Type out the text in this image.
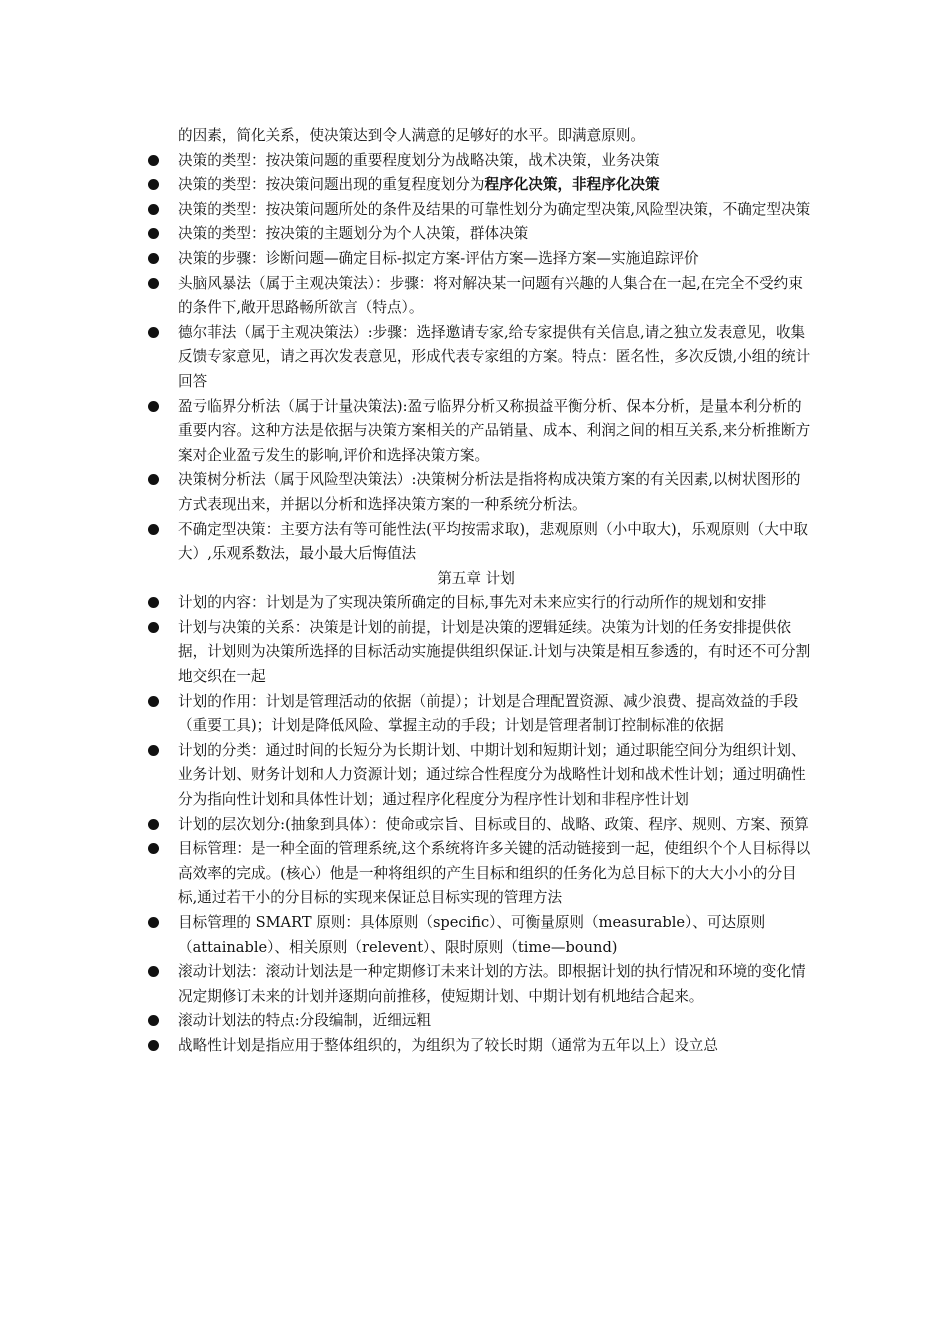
的因素，简化关系，使决策达到令人满意的足够好的水平。即满意原则。
决策的类型：按决策问题的重要程度划分为战略决策，战术决策，业务决策
决策的类型：按决策问题出现的重复程度划分为程序化决策，非程序化决策
决策的类型：按决策问题所处的条件及结果的可靠性划分为确定型决策,风险型决策，不确定型决策
决策的类型：按决策的主题划分为个人决策，群体决策
决策的步骤：诊断问题—确定目标-拟定方案-评估方案—选择方案—实施追踪评价
头脑风暴法（属于主观决策法）：步骤：将对解决某一问题有兴趣的人集合在一起,在完全不受约束的条件下,敞开思路畅所欲言（特点）。
德尔菲法（属于主观决策法）:步骤：选择邀请专家,给专家提供有关信息,请之独立发表意见，收集反馈专家意见，请之再次发表意见，形成代表专家组的方案。特点：匿名性，多次反馈,小组的统计回答
盈亏临界分析法（属于计量决策法):盈亏临界分析又称损益平衡分析、保本分析，是量本利分析的重要内容。这种方法是依据与决策方案相关的产品销量、成本、利润之间的相互关系,来分析推断方案对企业盈亏发生的影响,评价和选择决策方案。
决策树分析法（属于风险型决策法）:决策树分析法是指将构成决策方案的有关因素,以树状图形的方式表现出来，并据以分析和选择决策方案的一种系统分析法。
不确定型决策：主要方法有等可能性法(平均按需求取)，悲观原则（小中取大)，乐观原则（大中取大）,乐观系数法，最小最大后悔值法
第五章 计划
计划的内容：计划是为了实现决策所确定的目标,事先对未来应实行的行动所作的规划和安排
计划与决策的关系：决策是计划的前提，计划是决策的逻辑延续。决策为计划的任务安排提供依据，计划则为决策所选择的目标活动实施提供组织保证.计划与决策是相互参透的，有时还不可分割地交织在一起
计划的作用：计划是管理活动的依据（前提）；计划是合理配置资源、减少浪费、提高效益的手段（重要工具)；计划是降低风险、掌握主动的手段；计划是管理者制订控制标准的依据
计划的分类：通过时间的长短分为长期计划、中期计划和短期计划；通过职能空间分为组织计划、业务计划、财务计划和人力资源计划；通过综合性程度分为战略性计划和战术性计划；通过明确性分为指向性计划和具体性计划；通过程序化程度分为程序性计划和非程序性计划
计划的层次划分:(抽象到具体）：使命或宗旨、目标或目的、战略、政策、程序、规则、方案、预算
目标管理：是一种全面的管理系统,这个系统将许多关键的活动链接到一起，使组织个个人目标得以高效率的完成。(核心）他是一种将组织的产生目标和组织的任务化为总目标下的大大小小的分目标,通过若干小的分目标的实现来保证总目标实现的管理方法
目标管理的 SMART 原则：具体原则（specific）、可衡量原则（measurable）、可达原则（attainable）、相关原则（relevent）、限时原则（time—bound)
滚动计划法：滚动计划法是一种定期修订未来计划的方法。即根据计划的执行情况和环境的变化情况定期修订未来的计划并逐期向前推移，使短期计划、中期计划有机地结合起来。
滚动计划法的特点:分段编制，近细远粗
战略性计划是指应用于整体组织的，为组织为了较长时期（通常为五年以上）设立总
